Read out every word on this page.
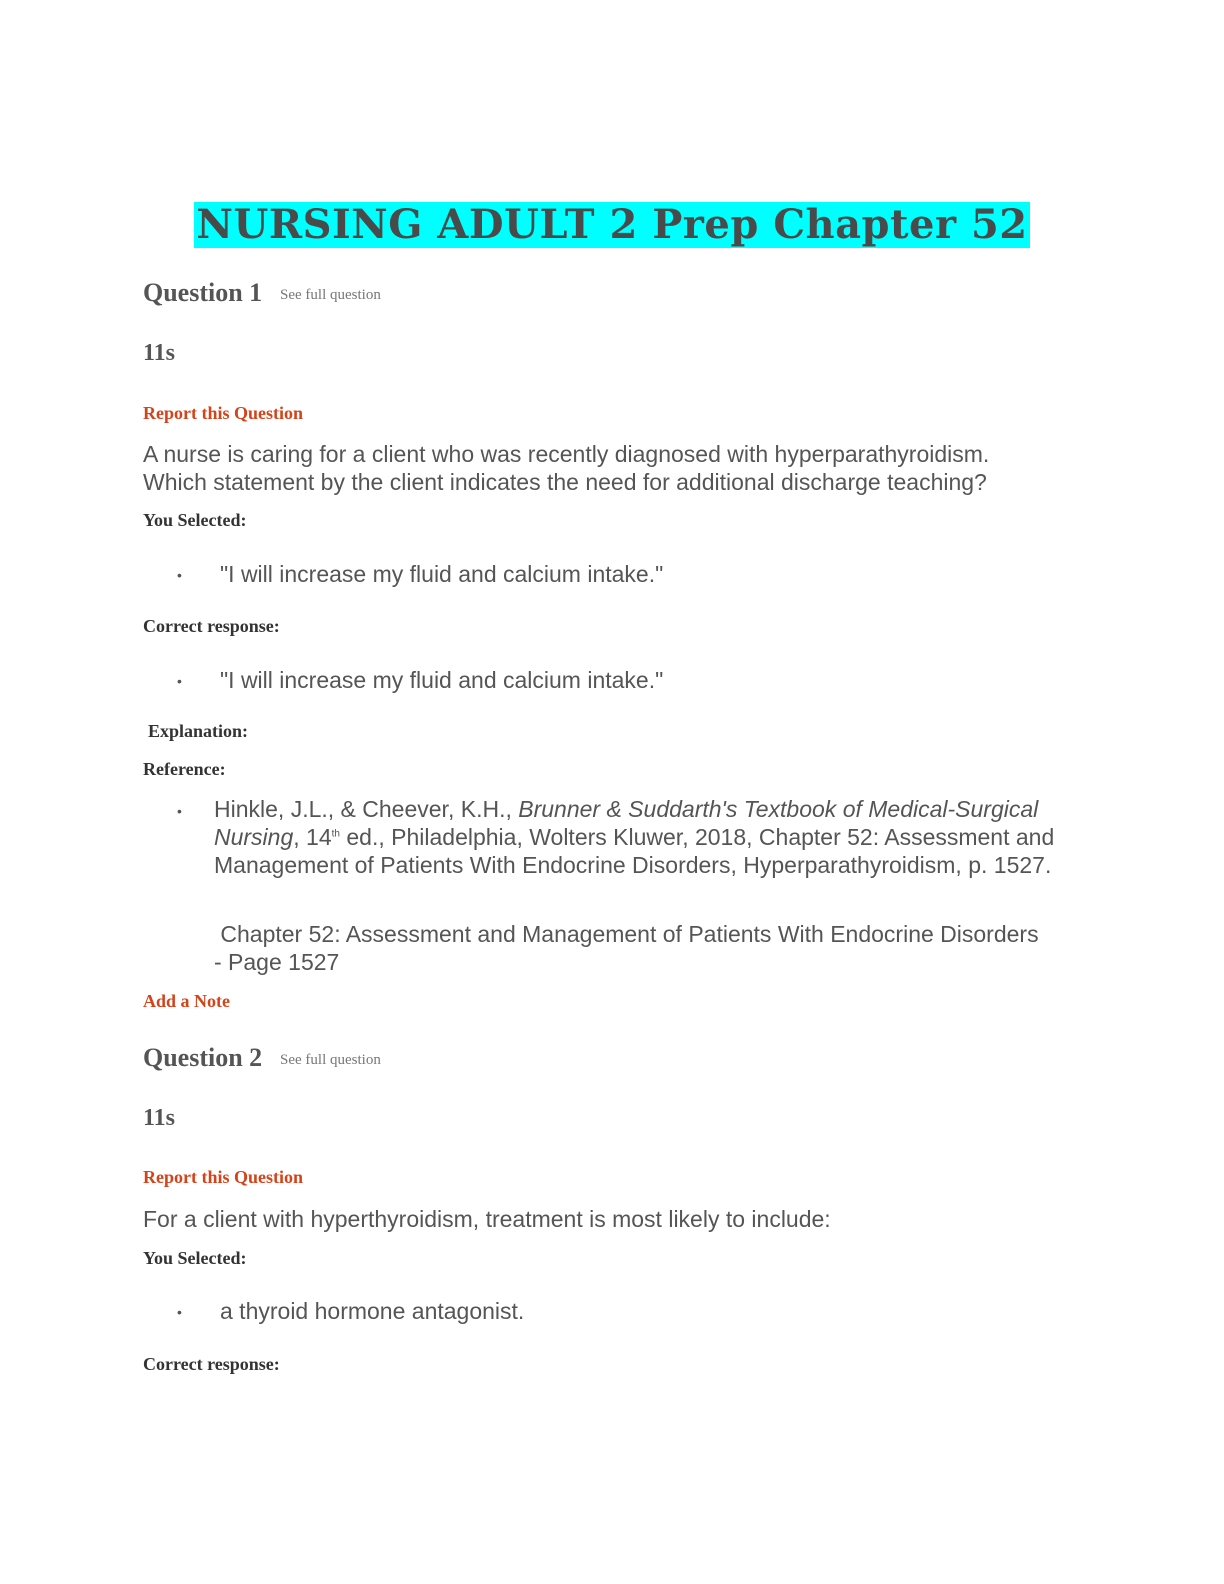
NURSING ADULT 2 Prep Chapter 52
Question 1 See full question
11s
Report this Question
A nurse is caring for a client who was recently diagnosed with hyperparathyroidism.
Which statement by the client indicates the need for additional discharge teaching?
You Selected:
• "I will increase my fluid and calcium intake."
Correct response:
• "I will increase my fluid and calcium intake."
Explanation:
Reference:
• Hinkle, J.L., & Cheever, K.H., Brunner & Suddarth's Textbook of Medical-Surgical Nursing, 14th ed., Philadelphia, Wolters Kluwer, 2018, Chapter 52: Assessment and Management of Patients With Endocrine Disorders, Hyperparathyroidism, p. 1527.
Chapter 52: Assessment and Management of Patients With Endocrine Disorders
- Page 1527
Add a Note
Question 2 See full question
11s
Report this Question
For a client with hyperthyroidism, treatment is most likely to include:
You Selected:
• a thyroid hormone antagonist.
Correct response:
